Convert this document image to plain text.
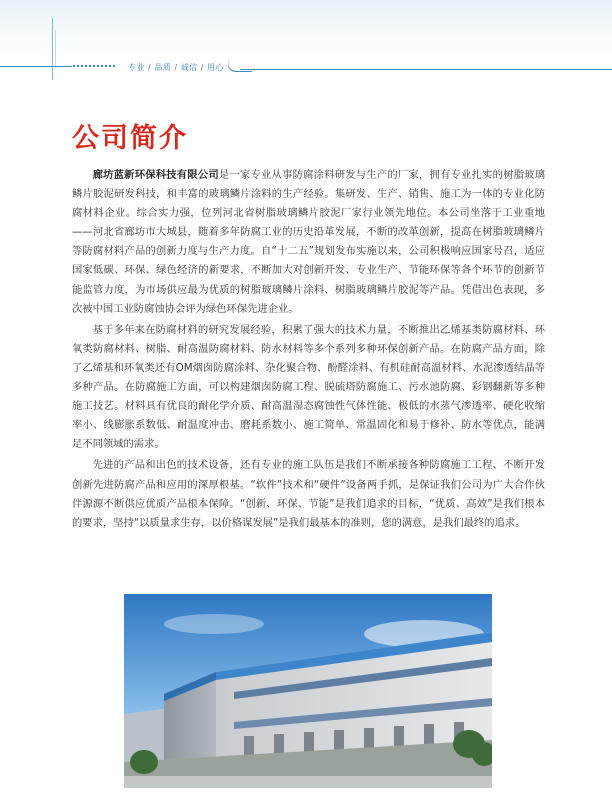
专业 / 品质 / 诚信 / 用心
公司简介

廊坊蓝新环保科技有限公司是一家专业从事防腐涂料研发与生产的厂家，拥有专业扎实的树脂玻璃鳞片胶泥研发科技，和丰富的玻璃鳞片涂料的生产经验。集研发、生产、销售、施工为一体的专业化防腐材料企业。综合实力强，位列河北省树脂玻璃鳞片胶泥厂家行业领先地位。本公司坐落于工业重地——河北省廊坊市大城县，随着多年防腐工业的历史沿革发展，不断的改革创新，提高在树脂玻璃鳞片等防腐材料产品的创新力度与生产力度。自“十二五”规划发布实施以来，公司积极响应国家号召，适应国家低碳、环保、绿色经济的新要求，不断加大对创新开发、专业生产、节能环保等各个环节的创新节能监管力度，为市场供应最为优质的树脂玻璃鳞片涂料、树脂玻璃鳞片胶泥等产品。凭借出色表现，多次被中国工业防腐蚀协会评为绿色环保先进企业。

基于多年来在防腐材料的研究发展经验，积累了强大的技术力量，不断推出乙烯基类防腐材料、环氧类防腐材料、树脂、耐高温防腐材料、防水材料等多个系列多种环保创新产品。在防腐产品方面，除了乙烯基和环氧类还有OM烟囱防腐涂料、杂化聚合物、酚醛涂料、有机硅耐高温材料、水泥渗透结晶等多种产品。在防腐施工方面，可以构建烟囱防腐工程、脱硫塔防腐施工、污水池防腐、彩钢翻新等多种施工技艺。材料具有优良的耐化学介质、耐高温湿态腐蚀性气体性能、极低的水蒸气渗透率、硬化收缩率小、线膨胀系数低、耐温度冲击、磨耗系数小、施工简单、常温固化和易于修补、防水等优点，能满足不同领域的需求。

先进的产品和出色的技术设备，还有专业的施工队伍是我们不断承接各种防腐施工工程、不断开发创新先进防腐产品和应用的深厚根基。“软件”技术和“硬件”设备两手抓，是保证我们公司为广大合作伙伴源源不断供应优质产品根本保障。“创新、环保、节能”是我们追求的目标，“优质、高效”是我们根本的要求，坚持“以质量求生存，以价格谋发展”是我们最基本的准则，您的满意，是我们最终的追求。
